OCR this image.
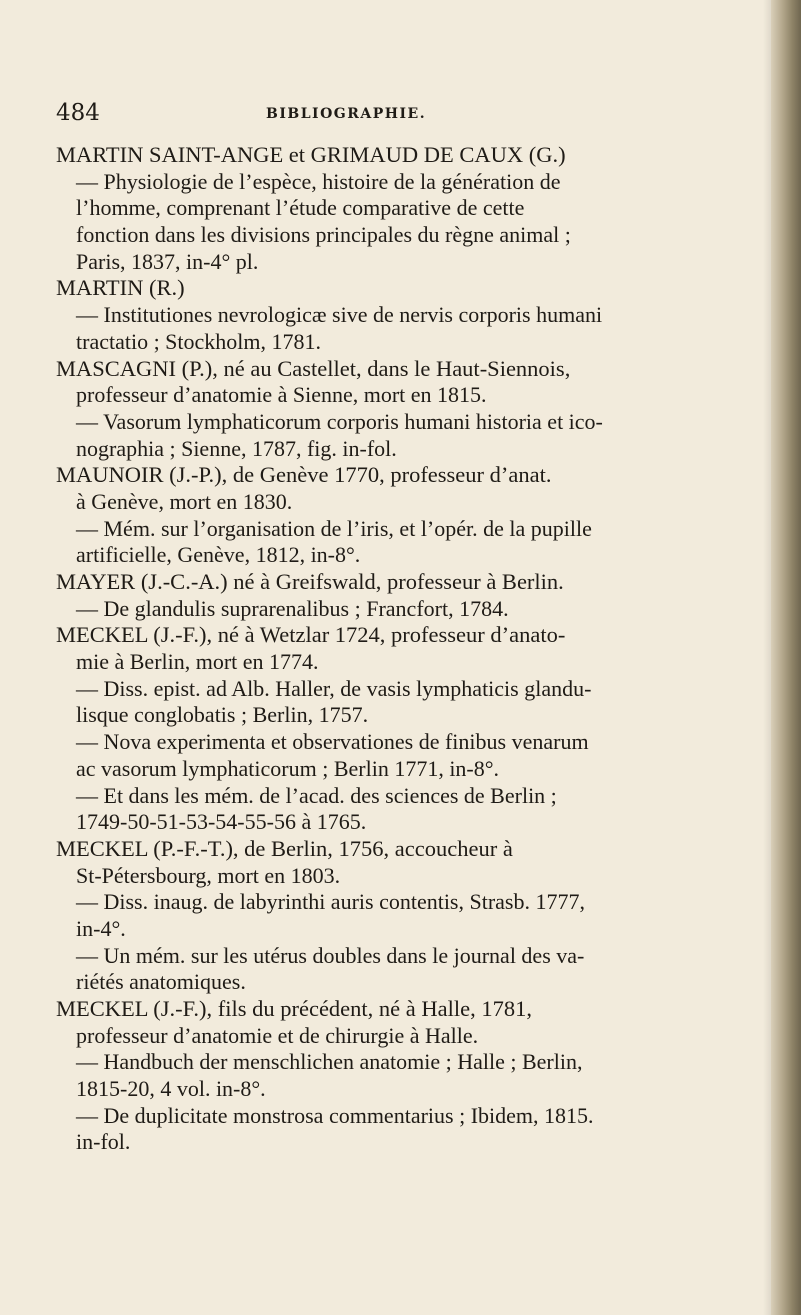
484	BIBLIOGRAPHIE.
MARTIN SAINT-ANGE et GRIMAUD DE CAUX (G.)
— Physiologie de l’espèce, histoire de la génération de
l’homme, comprenant l’étude comparative de cette
fonction dans les divisions principales du règne animal ;
Paris, 1837, in-4° pl.
MARTIN (R.)
— Institutiones nevrologicæ sive de nervis corporis humani
tractatio ; Stockholm, 1781.
MASCAGNI (P.), né au Castellet, dans le Haut-Siennois,
professeur d’anatomie à Sienne, mort en 1815.
— Vasorum lymphaticorum corporis humani historia et ico-
nographia ; Sienne, 1787, fig. in-fol.
MAUNOIR (J.-P.), de Genève 1770, professeur d’anat.
à Genève, mort en 1830.
— Mém. sur l’organisation de l’iris, et l’opér. de la pupille
artificielle, Genève, 1812, in-8°.
MAYER (J.-C.-A.) né à Greifswald, professeur à Berlin.
— De glandulis suprarenalibus ; Francfort, 1784.
MECKEL (J.-F.), né à Wetzlar 1724, professeur d’anato-
mie à Berlin, mort en 1774.
— Diss. epist. ad Alb. Haller, de vasis lymphaticis glandu-
lisque conglobatis ; Berlin, 1757.
— Nova experimenta et observationes de finibus venarum
ac vasorum lymphaticorum ; Berlin 1771, in-8°.
— Et dans les mém. de l’acad. des sciences de Berlin ;
1749-50-51-53-54-55-56 à 1765.
MECKEL (P.-F.-T.), de Berlin, 1756, accoucheur à
St-Pétersbourg, mort en 1803.
— Diss. inaug. de labyrinthi auris contentis, Strasb. 1777,
in-4°.
— Un mém. sur les utérus doubles dans le journal des va-
riétés anatomiques.
MECKEL (J.-F.), fils du précédent, né à Halle, 1781,
professeur d’anatomie et de chirurgie à Halle.
— Handbuch der menschlichen anatomie ; Halle ; Berlin,
1815-20, 4 vol. in-8°.
— De duplicitate monstrosa commentarius ; Ibidem, 1815.
in-fol.
